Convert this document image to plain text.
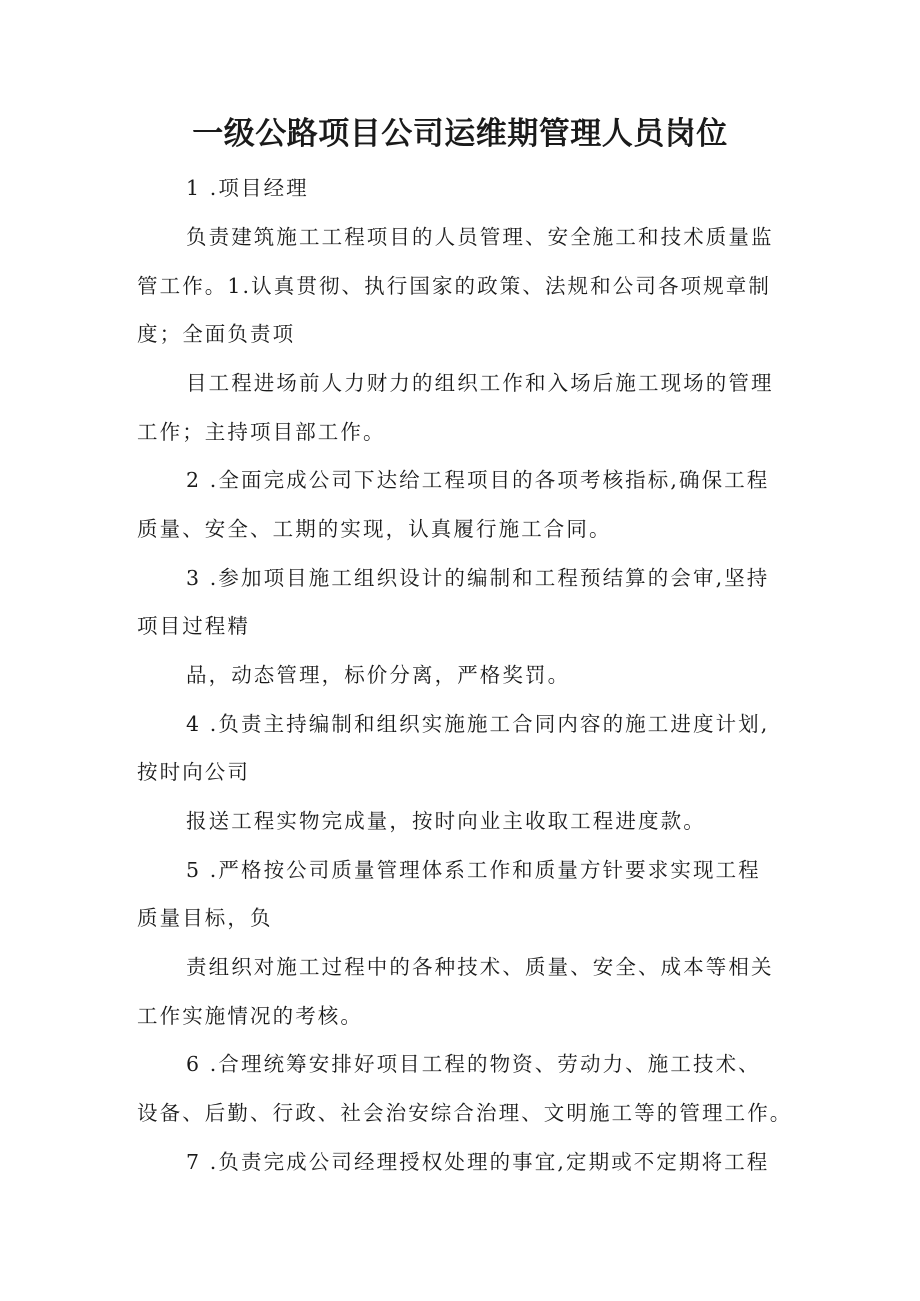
一级公路项目公司运维期管理人员岗位
1 .项目经理
负责建筑施工工程项目的人员管理、安全施工和技术质量监
管工作。1.认真贯彻、执行国家的政策、法规和公司各项规章制
度；全面负责项
目工程进场前人力财力的组织工作和入场后施工现场的管理
工作；主持项目部工作。
2 .全面完成公司下达给工程项目的各项考核指标,确保工程
质量、安全、工期的实现，认真履行施工合同。
3 .参加项目施工组织设计的编制和工程预结算的会审,坚持
项目过程精
品，动态管理，标价分离，严格奖罚。
4 .负责主持编制和组织实施施工合同内容的施工进度计划,
按时向公司
报送工程实物完成量，按时向业主收取工程进度款。
5 .严格按公司质量管理体系工作和质量方针要求实现工程
质量目标，负
责组织对施工过程中的各种技术、质量、安全、成本等相关
工作实施情况的考核。
6 .合理统筹安排好项目工程的物资、劳动力、施工技术、
设备、后勤、行政、社会治安综合治理、文明施工等的管理工作。
7 .负责完成公司经理授权处理的事宜,定期或不定期将工程
